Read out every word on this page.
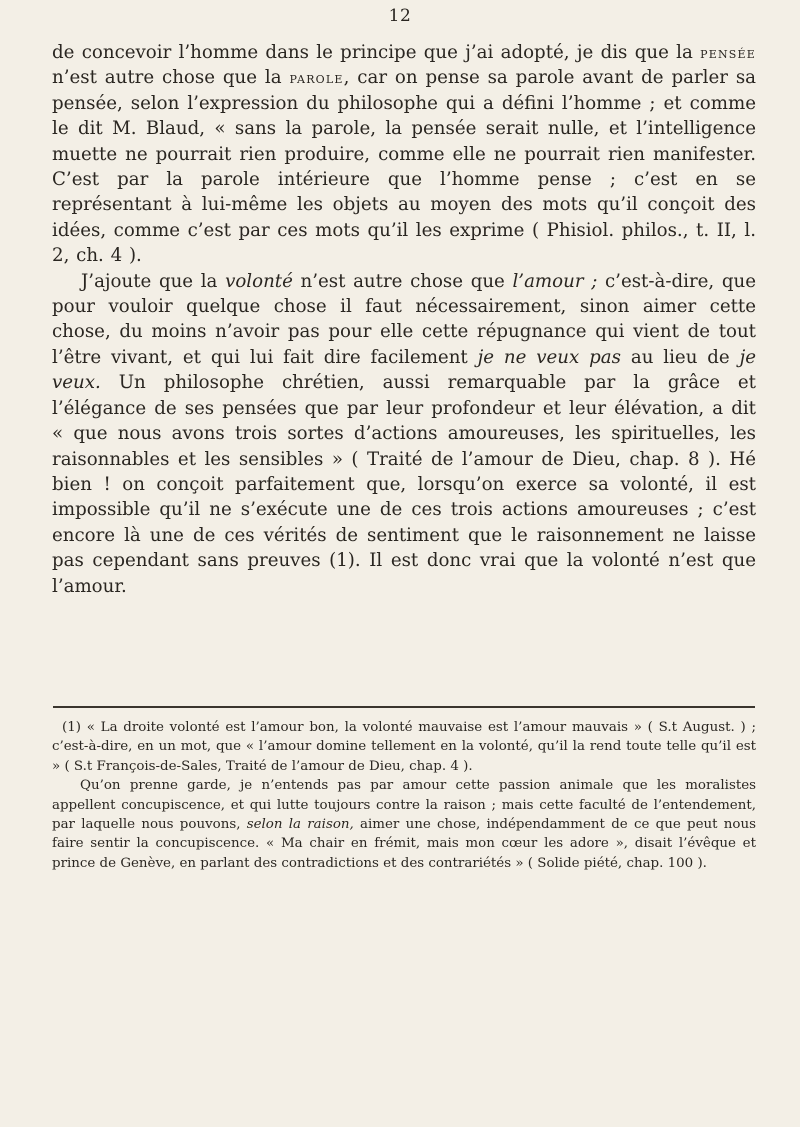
12

de concevoir l’homme dans le principe que j’ai adopté, je dis que la pensée n’est autre chose que la parole, car on pense sa parole avant de parler sa pensée, selon l’expression du philosophe qui a défini l’homme ; et comme le dit M. Blaud, « sans la parole, la pensée serait nulle, et l’intelligence muette ne pourrait rien produire, comme elle ne pourrait rien manifester. C’est par la parole intérieure que l’homme pense ; c’est en se représentant à lui-même les objets au moyen des mots qu’il conçoit des idées, comme c’est par ces mots qu’il les exprime ( Phisiol. philos., t. II, l. 2, ch. 4 ).

J’ajoute que la volonté n’est autre chose que l’amour ; c’est-à-dire, que pour vouloir quelque chose il faut nécessairement, sinon aimer cette chose, du moins n’avoir pas pour elle cette répugnance qui vient de tout l’être vivant, et qui lui fait dire facilement je ne veux pas au lieu de je veux. Un philosophe chrétien, aussi remarquable par la grâce et l’élégance de ses pensées que par leur profondeur et leur élévation, a dit « que nous avons trois sortes d’actions amoureuses, les spirituelles, les raisonnables et les sensibles » ( Traité de l’amour de Dieu, chap. 8 ). Hé bien ! on conçoit parfaitement que, lorsqu’on exerce sa volonté, il est impossible qu’il ne s’exécute une de ces trois actions amoureuses ; c’est encore là une de ces vérités de sentiment que le raisonnement ne laisse pas cependant sans preuves (1). Il est donc vrai que la volonté n’est que l’amour.

(1) « La droite volonté est l’amour bon, la volonté mauvaise est l’amour mauvais » ( S.t August. ) ; c’est-à-dire, en un mot, que « l’amour domine tellement en la volonté, qu’il la rend toute telle qu’il est » ( S.t François-de-Sales, Traité de l’amour de Dieu, chap. 4 ).

Qu’on prenne garde, je n’entends pas par amour cette passion animale que les moralistes appellent concupiscence, et qui lutte toujours contre la raison ; mais cette faculté de l’entendement, par laquelle nous pouvons, selon la raison, aimer une chose, indépendamment de ce que peut nous faire sentir la concupiscence. « Ma chair en frémit, mais mon cœur les adore », disait l’évêque et prince de Genève, en parlant des contradictions et des contrariétés » ( Solide piété, chap. 100 ).
